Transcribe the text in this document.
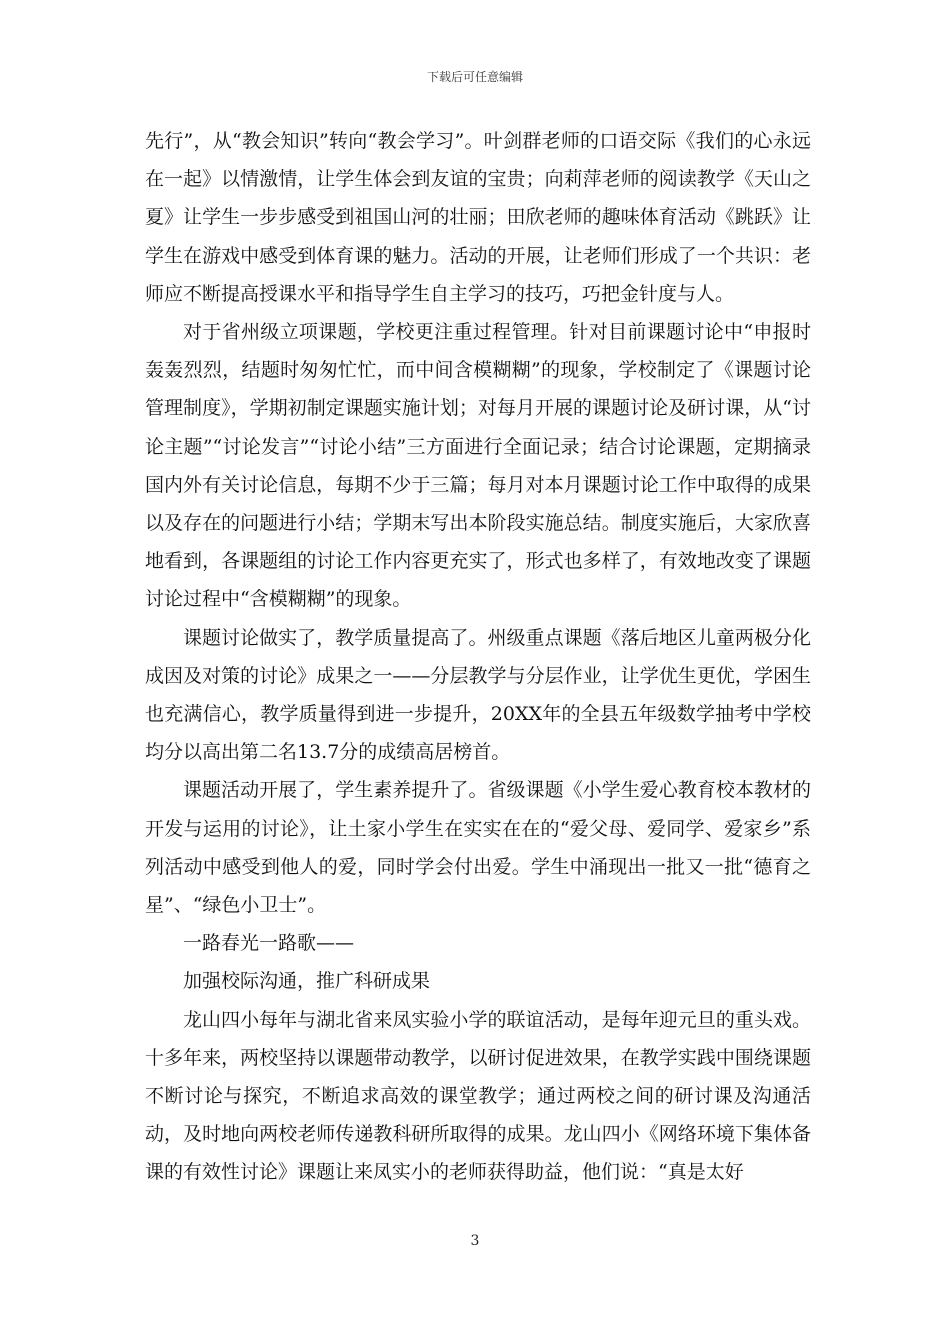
下载后可任意编辑

先行”，从“教会知识”转向“教会学习”。叶剑群老师的口语交际《我们的心永远在一起》以情激情，让学生体会到友谊的宝贵；向莉萍老师的阅读教学《天山之夏》让学生一步步感受到祖国山河的壮丽；田欣老师的趣味体育活动《跳跃》让学生在游戏中感受到体育课的魅力。活动的开展，让老师们形成了一个共识：老师应不断提高授课水平和指导学生自主学习的技巧，巧把金针度与人。

对于省州级立项课题，学校更注重过程管理。针对目前课题讨论中“申报时轰轰烈烈，结题时匆匆忙忙，而中间含模糊糊”的现象，学校制定了《课题讨论管理制度》，学期初制定课题实施计划；对每月开展的课题讨论及研讨课，从“讨论主题”“讨论发言”“讨论小结”三方面进行全面记录；结合讨论课题，定期摘录国内外有关讨论信息，每期不少于三篇；每月对本月课题讨论工作中取得的成果以及存在的问题进行小结；学期末写出本阶段实施总结。制度实施后，大家欣喜地看到，各课题组的讨论工作内容更充实了，形式也多样了，有效地改变了课题讨论过程中“含模糊糊”的现象。

课题讨论做实了，教学质量提高了。州级重点课题《落后地区儿童两极分化成因及对策的讨论》成果之一——分层教学与分层作业，让学优生更优，学困生也充满信心，教学质量得到进一步提升，20XX年的全县五年级数学抽考中学校均分以高出第二名13.7分的成绩高居榜首。

课题活动开展了，学生素养提升了。省级课题《小学生爱心教育校本教材的开发与运用的讨论》，让土家小学生在实实在在的“爱父母、爱同学、爱家乡”系列活动中感受到他人的爱，同时学会付出爱。学生中涌现出一批又一批“德育之星”、“绿色小卫士”。

一路春光一路歌——

加强校际沟通，推广科研成果

龙山四小每年与湖北省来凤实验小学的联谊活动，是每年迎元旦的重头戏。十多年来，两校坚持以课题带动教学，以研讨促进效果，在教学实践中围绕课题不断讨论与探究，不断追求高效的课堂教学；通过两校之间的研讨课及沟通活动，及时地向两校老师传递教科研所取得的成果。龙山四小《网络环境下集体备课的有效性讨论》课题让来凤实小的老师获得助益，他们说：“真是太好

3
